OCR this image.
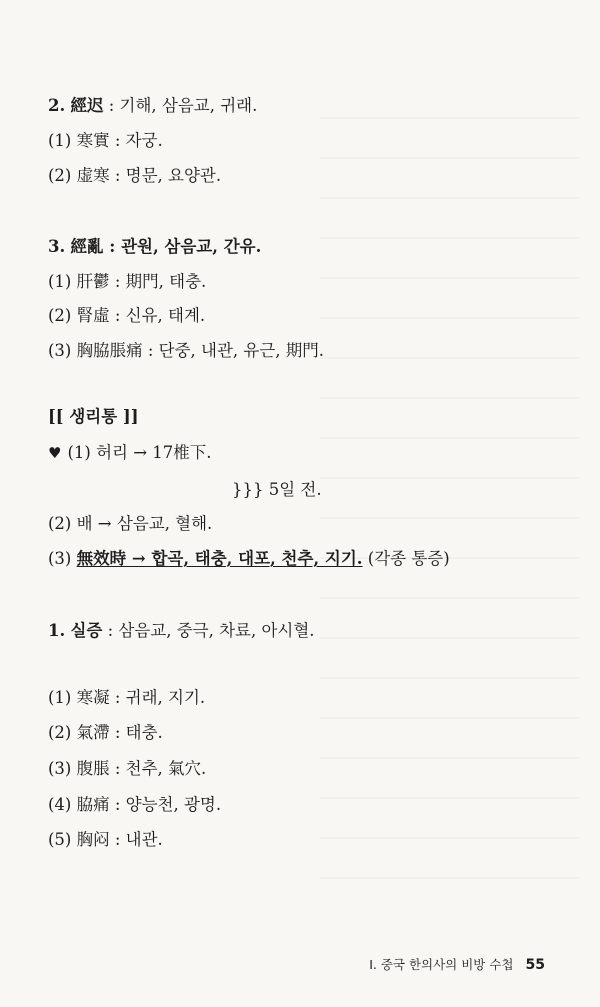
2. 經迟 : 기해, 삼음교, 귀래.
(1) 寒實 : 자궁.
(2) 虚寒 : 명문, 요양관.
3. 經亂 : 관원, 삼음교, 간유.
(1) 肝鬱 : 期門, 태충.
(2) 腎虛 : 신유, 태계.
(3) 胸脇脹痛 : 단중, 내관, 유근, 期門.
[[ 생리통 ]]
♥ (1) 허리 → 17椎下.
}}} 5일 전.
(2) 배 → 삼음교, 혈해.
(3) 無效時 → 합곡, 태충, 대포, 천추, 지기. (각종 통증)
1. 실증 : 삼음교, 중극, 차료, 아시혈.
(1) 寒凝 : 귀래, 지기.
(2) 氣滯 : 태충.
(3) 腹脹 : 천추, 氣穴.
(4) 脇痛 : 양능천, 광명.
(5) 胸闷 : 내관.
I. 중국 한의사의 비방 수첩 55
